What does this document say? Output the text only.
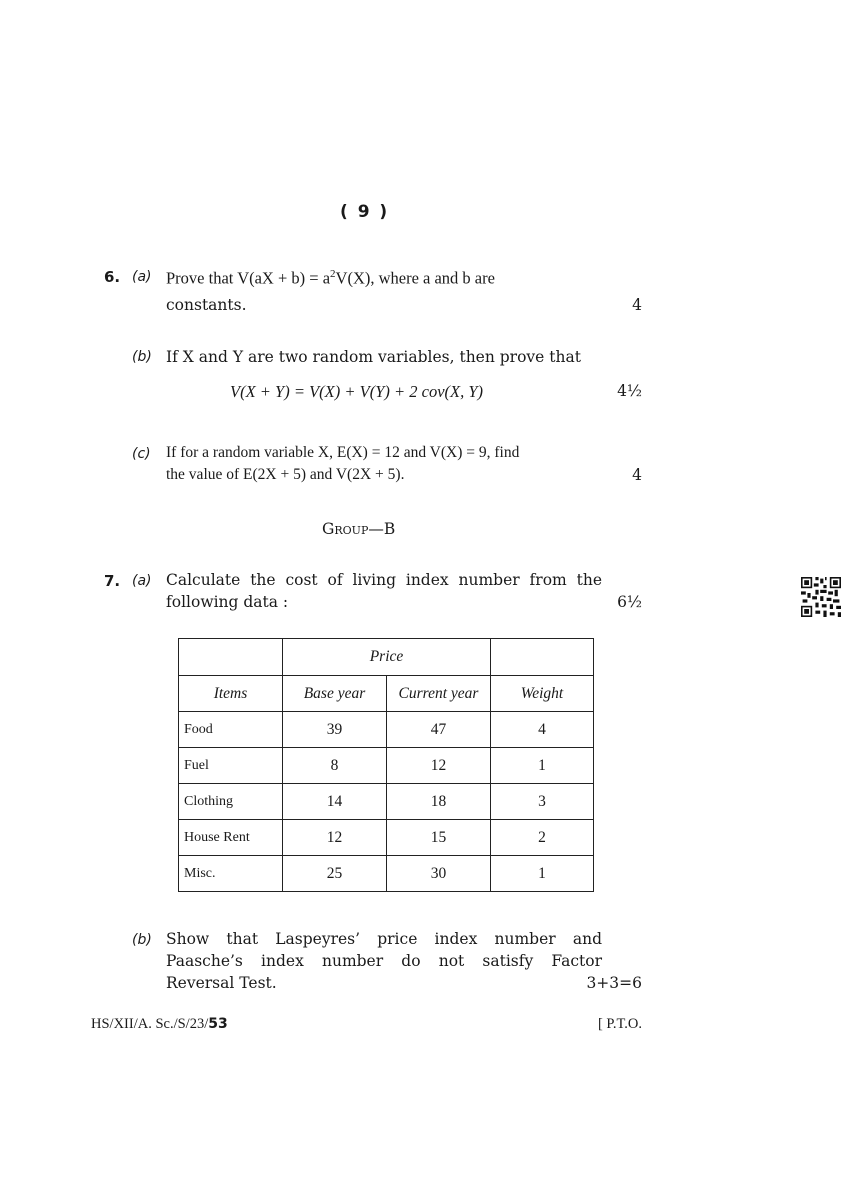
( 9 )
6. (a) Prove that $V(aX + b) = a^2V(X)$, where a and b are
constants.	4
(b) If X and Y are two random variables, then prove that
V(X + Y) = V(X) + V(Y) + 2 cov(X, Y)	4½
(c) If for a random variable X, E(X) = 12 and V(X) = 9, find
the value of E(2X + 5) and V(2X + 5).	4
Group—B
7. (a) Calculate the cost of living index number from the
following data :	6½
	Price		
Items	Base year	Current year	Weight
Food	39	47	4
Fuel	8	12	1
Clothing	14	18	3
House Rent	12	15	2
Misc.	25	30	1
(b) Show that Laspeyres’ price index number and
Paasche’s index number do not satisfy Factor
Reversal Test.	3+3=6
HS/XII/A. Sc./S/23/53	[ P.T.O.
